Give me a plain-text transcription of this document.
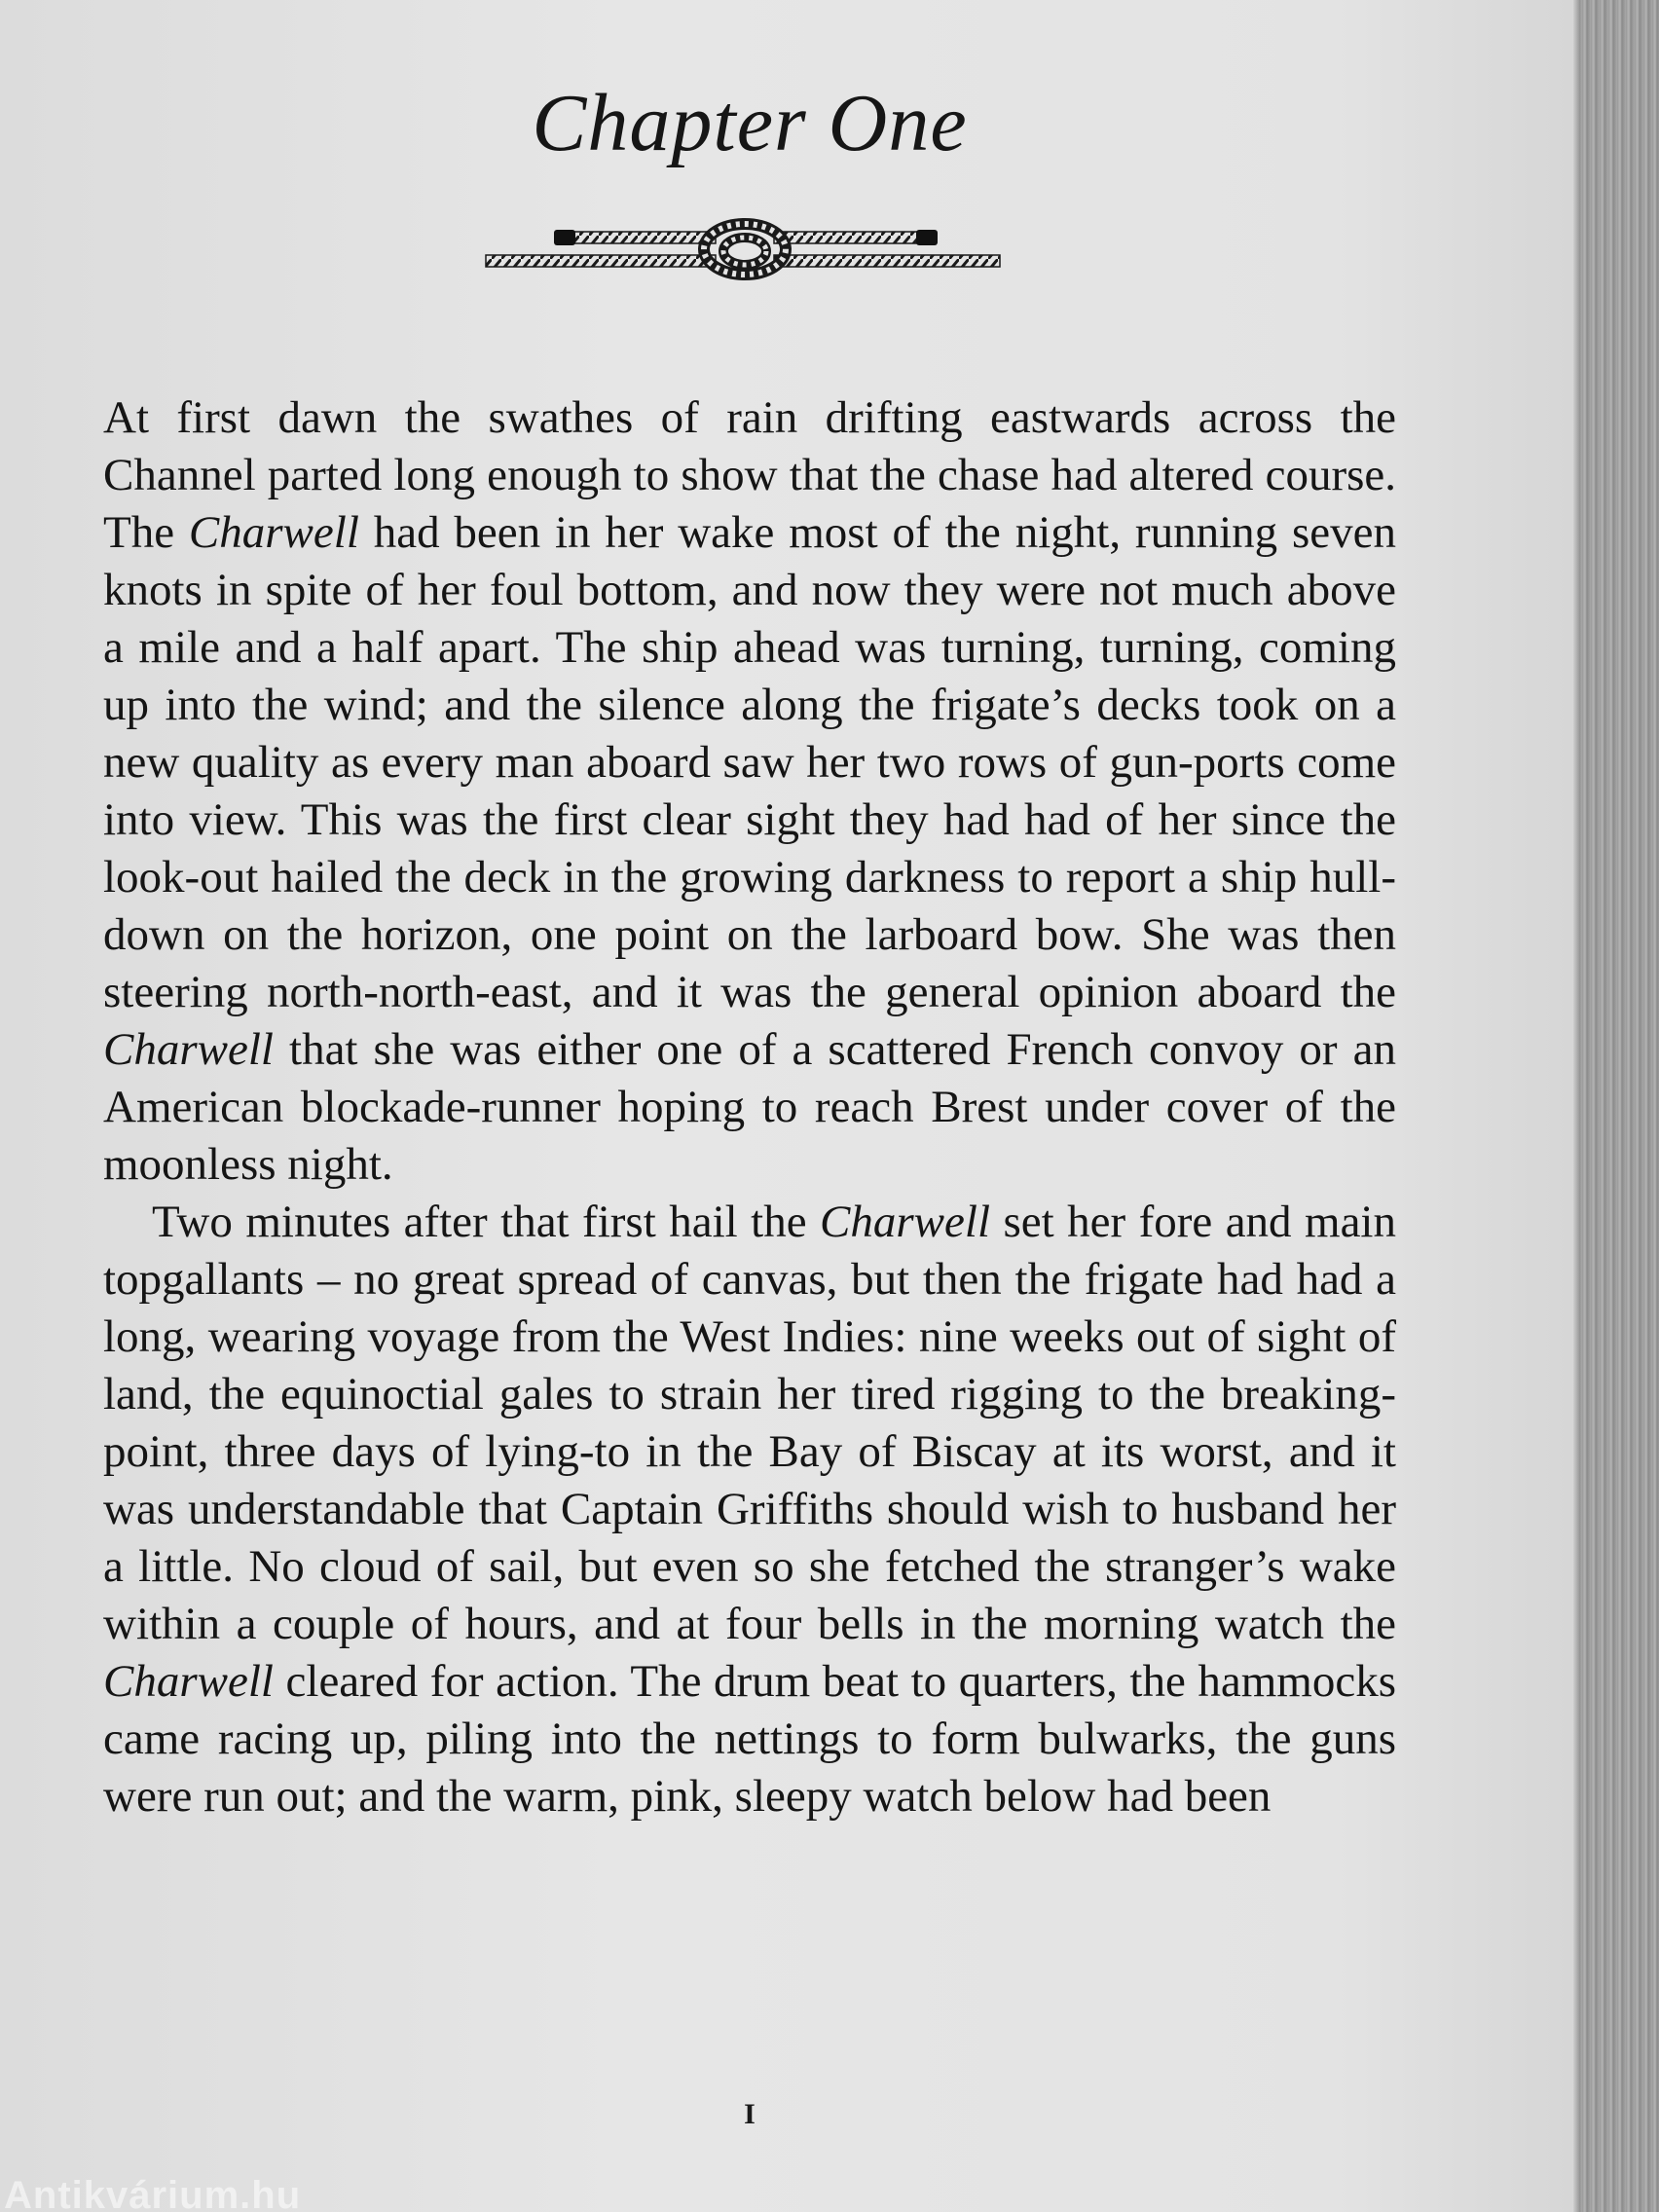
Chapter One

At first dawn the swathes of rain drifting eastwards across the Channel parted long enough to show that the chase had altered course. The Charwell had been in her wake most of the night, running seven knots in spite of her foul bottom, and now they were not much above a mile and a half apart. The ship ahead was turning, turning, coming up into the wind; and the silence along the frigate’s decks took on a new quality as every man aboard saw her two rows of gun-ports come into view. This was the first clear sight they had had of her since the look-out hailed the deck in the growing darkness to report a ship hull-down on the horizon, one point on the larboard bow. She was then steering north-north-east, and it was the general opinion aboard the Charwell that she was either one of a scattered French convoy or an American blockade-runner hoping to reach Brest under cover of the moonless night.

Two minutes after that first hail the Charwell set her fore and main topgallants – no great spread of canvas, but then the frigate had had a long, wearing voyage from the West Indies: nine weeks out of sight of land, the equinoctial gales to strain her tired rigging to the breaking-point, three days of lying-to in the Bay of Biscay at its worst, and it was understandable that Captain Griffiths should wish to husband her a little. No cloud of sail, but even so she fetched the stranger’s wake within a couple of hours, and at four bells in the morning watch the Charwell cleared for action. The drum beat to quarters, the hammocks came racing up, piling into the nettings to form bulwarks, the guns were run out; and the warm, pink, sleepy watch below had been

I
Antikvárium.hu
